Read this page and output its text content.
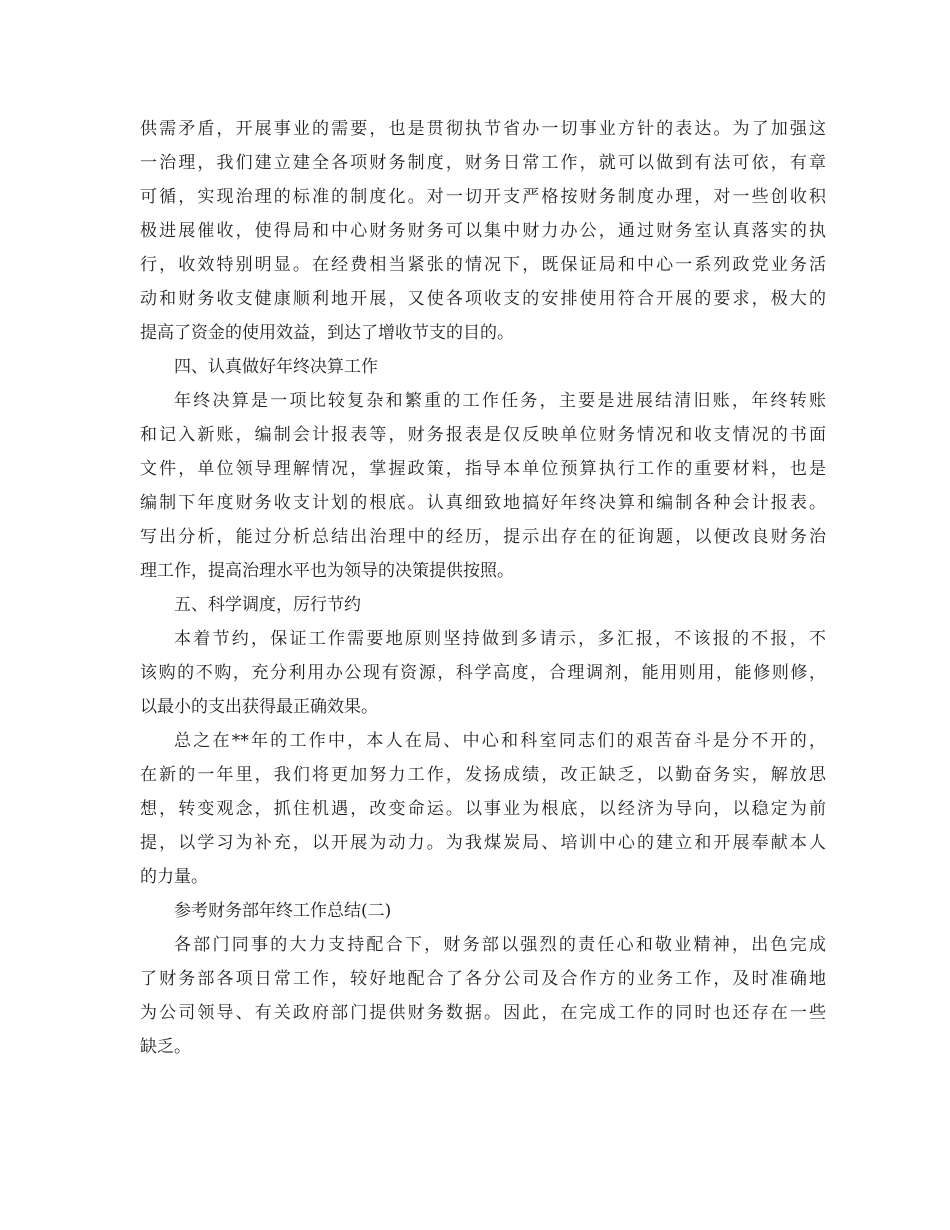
供需矛盾，开展事业的需要，也是贯彻执节省办一切事业方针的表达。为了加强这
一治理，我们建立建全各项财务制度，财务日常工作，就可以做到有法可依，有章
可循，实现治理的标准的制度化。对一切开支严格按财务制度办理，对一些创收积
极进展催收，使得局和中心财务财务可以集中财力办公，通过财务室认真落实的执
行，收效特别明显。在经费相当紧张的情况下，既保证局和中心一系列政党业务活
动和财务收支健康顺利地开展，又使各项收支的安排使用符合开展的要求，极大的
提高了资金的使用效益，到达了增收节支的目的。
四、认真做好年终决算工作
年终决算是一项比较复杂和繁重的工作任务，主要是进展结清旧账，年终转账
和记入新账，编制会计报表等，财务报表是仅反映单位财务情况和收支情况的书面
文件，单位领导理解情况，掌握政策，指导本单位预算执行工作的重要材料，也是
编制下年度财务收支计划的根底。认真细致地搞好年终决算和编制各种会计报表。
写出分析，能过分析总结出治理中的经历，提示出存在的征询题，以便改良财务治
理工作，提高治理水平也为领导的决策提供按照。
五、科学调度，厉行节约
本着节约，保证工作需要地原则坚持做到多请示，多汇报，不该报的不报，不
该购的不购，充分利用办公现有资源，科学高度，合理调剂，能用则用，能修则修，
以最小的支出获得最正确效果。
总之在**年的工作中，本人在局、中心和科室同志们的艰苦奋斗是分不开的，
在新的一年里，我们将更加努力工作，发扬成绩，改正缺乏，以勤奋务实，解放思
想，转变观念，抓住机遇，改变命运。以事业为根底，以经济为导向，以稳定为前
提，以学习为补充，以开展为动力。为我煤炭局、培训中心的建立和开展奉献本人
的力量。
参考财务部年终工作总结(二)
各部门同事的大力支持配合下，财务部以强烈的责任心和敬业精神，出色完成
了财务部各项日常工作，较好地配合了各分公司及合作方的业务工作，及时准确地
为公司领导、有关政府部门提供财务数据。因此，在完成工作的同时也还存在一些
缺乏。
